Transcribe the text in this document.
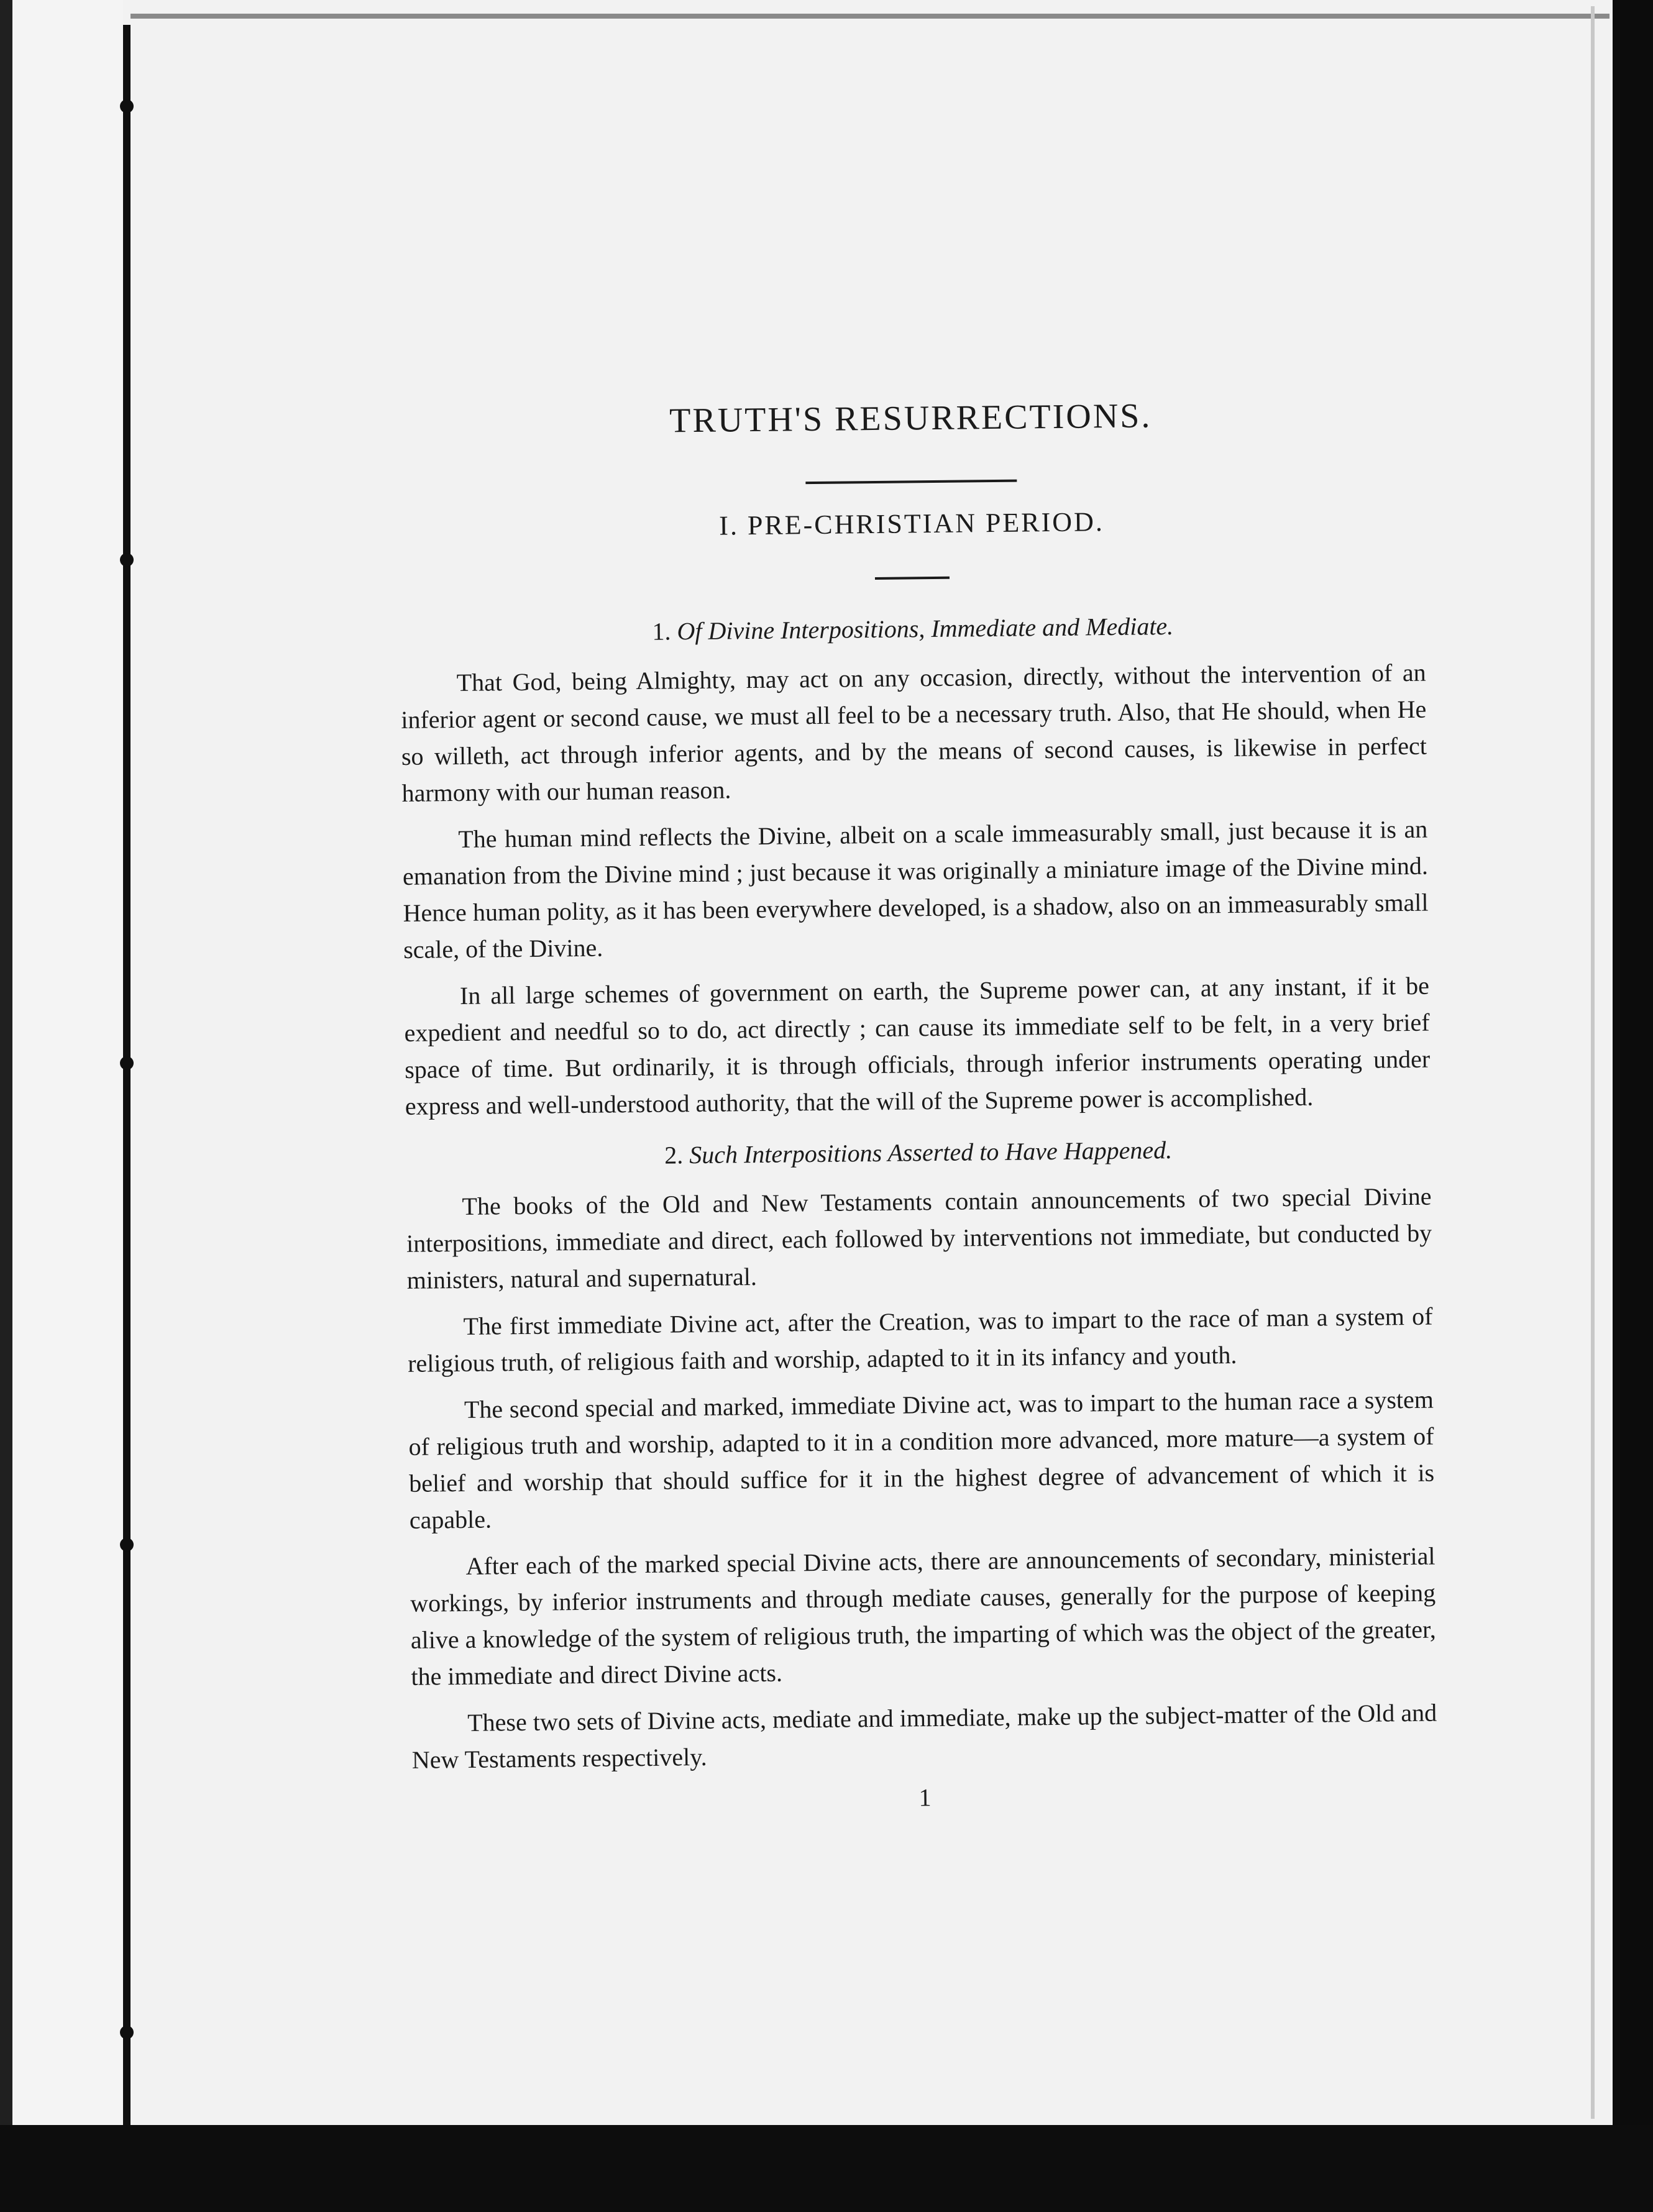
TRUTH'S RESURRECTIONS.
I. PRE-CHRISTIAN PERIOD.
1. Of Divine Interpositions, Immediate and Mediate.

That God, being Almighty, may act on any occasion, directly, without the intervention of an inferior agent or second cause, we must all feel to be a necessary truth. Also, that He should, when He so willeth, act through inferior agents, and by the means of second causes, is likewise in perfect harmony with our human reason.

The human mind reflects the Divine, albeit on a scale immeasurably small, just because it is an emanation from the Divine mind ; just because it was originally a miniature image of the Divine mind. Hence human polity, as it has been everywhere developed, is a shadow, also on an immeasurably small scale, of the Divine.

In all large schemes of government on earth, the Supreme power can, at any instant, if it be expedient and needful so to do, act directly ; can cause its immediate self to be felt, in a very brief space of time. But ordinarily, it is through officials, through inferior instruments operating under express and well-understood authority, that the will of the Supreme power is accomplished.

2. Such Interpositions Asserted to Have Happened.

The books of the Old and New Testaments contain announcements of two special Divine interpositions, immediate and direct, each followed by interventions not immediate, but conducted by ministers, natural and supernatural.

The first immediate Divine act, after the Creation, was to impart to the race of man a system of religious truth, of religious faith and worship, adapted to it in its infancy and youth.

The second special and marked, immediate Divine act, was to impart to the human race a system of religious truth and worship, adapted to it in a condition more advanced, more mature—a system of belief and worship that should suffice for it in the highest degree of advancement of which it is capable.

After each of the marked special Divine acts, there are announcements of secondary, ministerial workings, by inferior instruments and through mediate causes, generally for the purpose of keeping alive a knowledge of the system of religious truth, the imparting of which was the object of the greater, the immediate and direct Divine acts.

These two sets of Divine acts, mediate and immediate, make up the subject-matter of the Old and New Testaments respectively.

1
